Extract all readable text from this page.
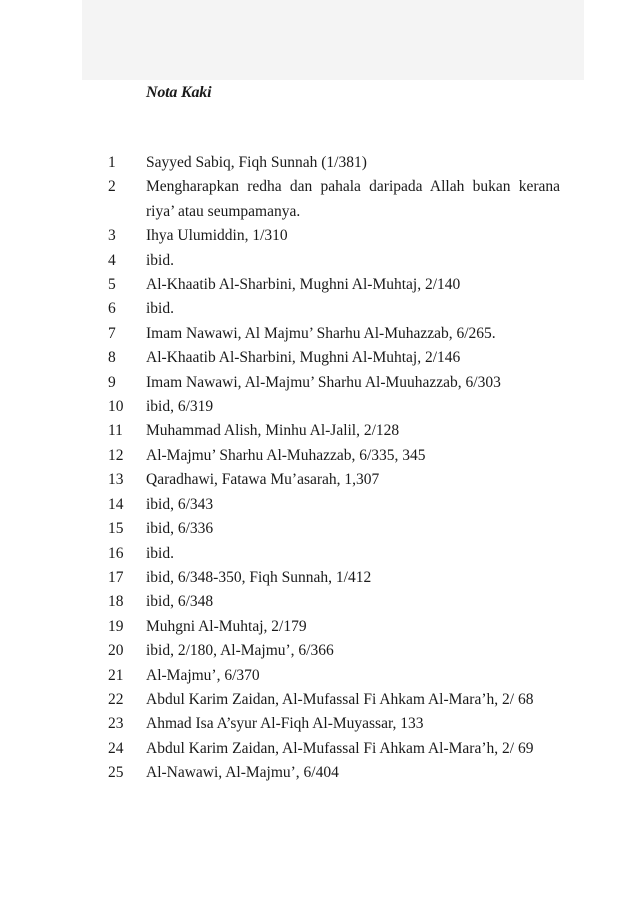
Nota Kaki
1	Sayyed Sabiq, Fiqh Sunnah (1/381)
2	Mengharapkan redha dan pahala daripada Allah bukan kerana riya’ atau seumpamanya.
3	Ihya Ulumiddin, 1/310
4	ibid.
5	Al-Khaatib Al-Sharbini, Mughni Al-Muhtaj, 2/140
6	ibid.
7	Imam Nawawi, Al Majmu’ Sharhu Al-Muhazzab, 6/265.
8	Al-Khaatib Al-Sharbini, Mughni Al-Muhtaj, 2/146
9	Imam Nawawi, Al-Majmu’ Sharhu Al-Muuhazzab, 6/303
10	ibid, 6/319
11	Muhammad Alish, Minhu Al-Jalil, 2/128
12	Al-Majmu’ Sharhu Al-Muhazzab, 6/335, 345
13	Qaradhawi, Fatawa Mu’asarah, 1,307
14	ibid, 6/343
15	ibid, 6/336
16	ibid.
17	ibid, 6/348-350, Fiqh Sunnah, 1/412
18	ibid, 6/348
19	Muhgni Al-Muhtaj, 2/179
20	ibid, 2/180, Al-Majmu’, 6/366
21	Al-Majmu’, 6/370
22	Abdul Karim Zaidan, Al-Mufassal Fi Ahkam Al-Mara’h, 2/ 68
23	Ahmad Isa A’syur Al-Fiqh Al-Muyassar, 133
24	Abdul Karim Zaidan, Al-Mufassal Fi Ahkam Al-Mara’h, 2/ 69
25	Al-Nawawi, Al-Majmu’, 6/404
